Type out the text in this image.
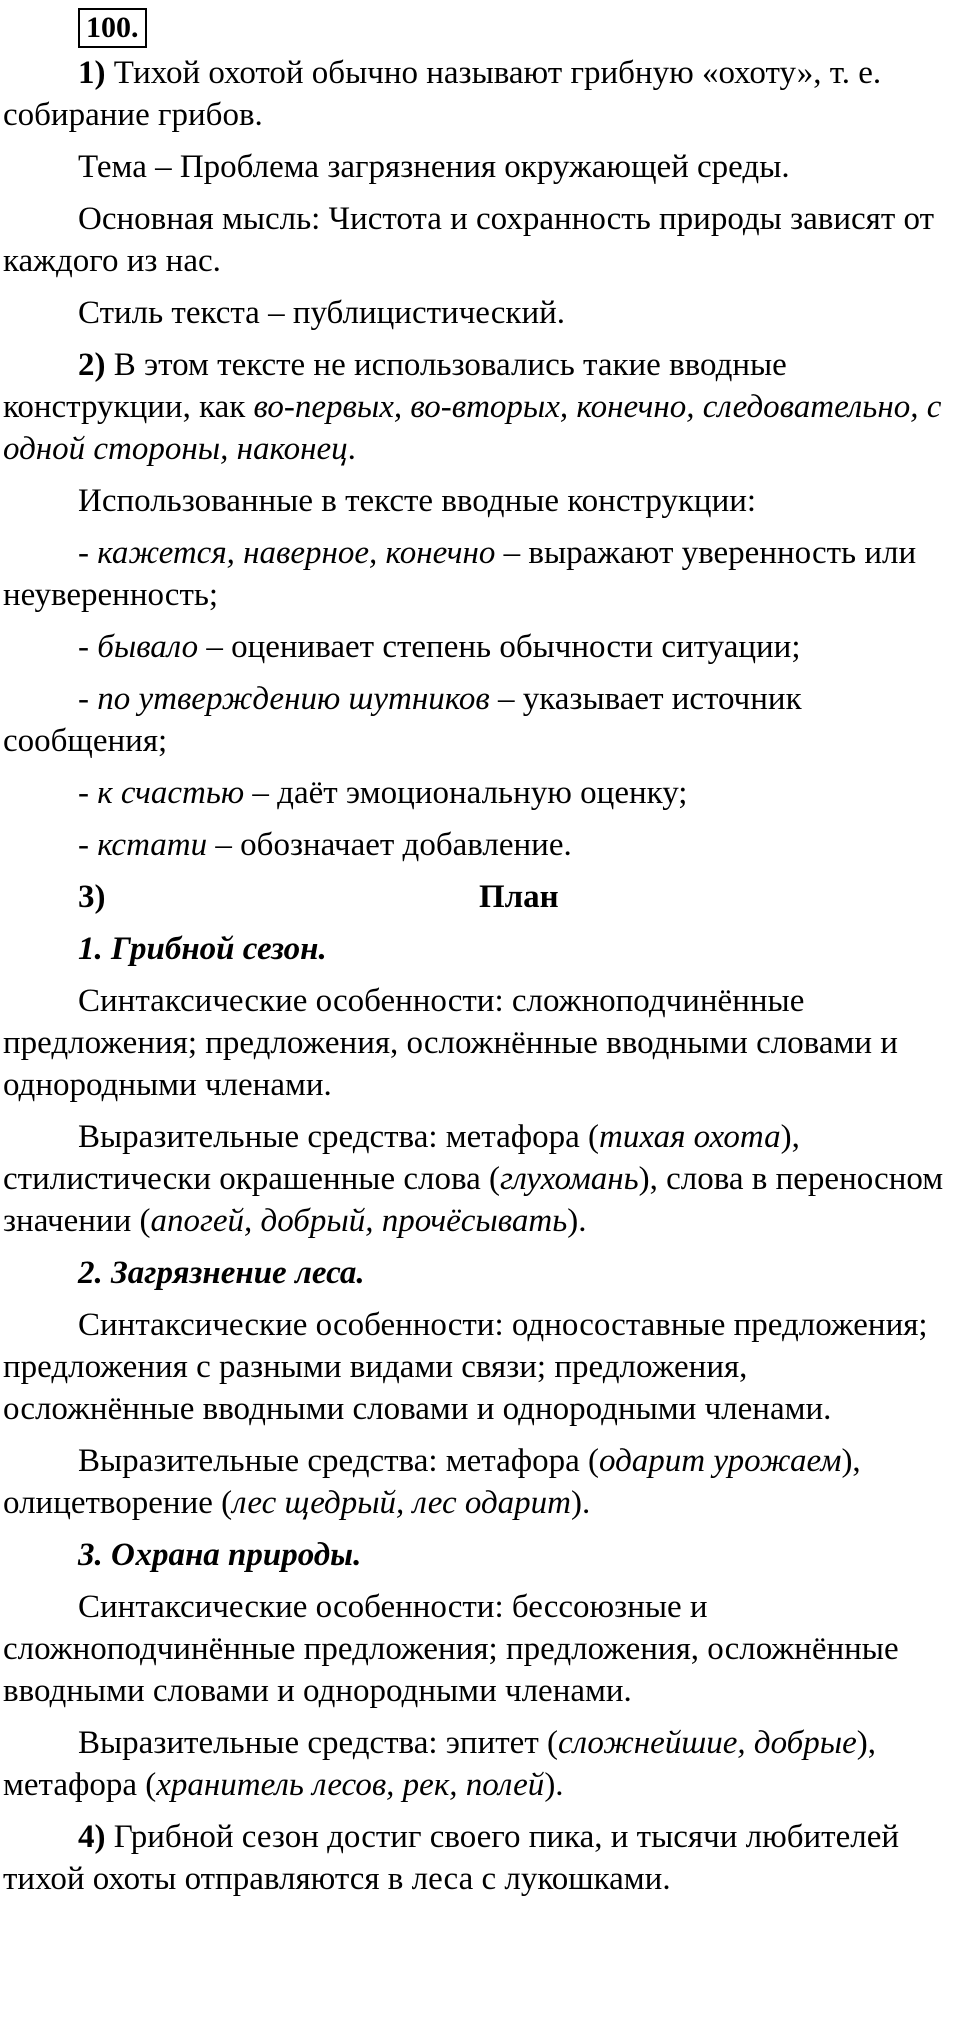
100.

1) Тихой охотой обычно называют грибную «охоту», т. е. собирание грибов.

Тема – Проблема загрязнения окружающей среды.

Основная мысль: Чистота и сохранность природы зависят от каждого из нас.

Стиль текста – публицистический.

2) В этом тексте не использовались такие вводные конструкции, как во-первых, во-вторых, конечно, следовательно, с одной стороны, наконец.

Использованные в тексте вводные конструкции:

- кажется, наверное, конечно – выражают уверенность или неуверенность;

- бывало – оценивает степень обычности ситуации;

- по утверждению шутников – указывает источник сообщения;

- к счастью – даёт эмоциональную оценку;

- кстати – обозначает добавление.

3)	План

1. Грибной сезон.

Синтаксические особенности: сложноподчинённые предложения; предложения, осложнённые вводными словами и однородными членами.

Выразительные средства: метафора (тихая охота), стилистически окрашенные слова (глухомань), слова в переносном значении (апогей, добрый, прочёсывать).

2. Загрязнение леса.

Синтаксические особенности: односоставные предложения; предложения с разными видами связи; предложения, осложнённые вводными словами и однородными членами.

Выразительные средства: метафора (одарит урожаем), олицетворение (лес щедрый, лес одарит).

3. Охрана природы.

Синтаксические особенности: бессоюзные и сложноподчинённые предложения; предложения, осложнённые вводными словами и однородными членами.

Выразительные средства: эпитет (сложнейшие, добрые), метафора (хранитель лесов, рек, полей).

4) Грибной сезон достиг своего пика, и тысячи любителей тихой охоты отправляются в леса с лукошками.
